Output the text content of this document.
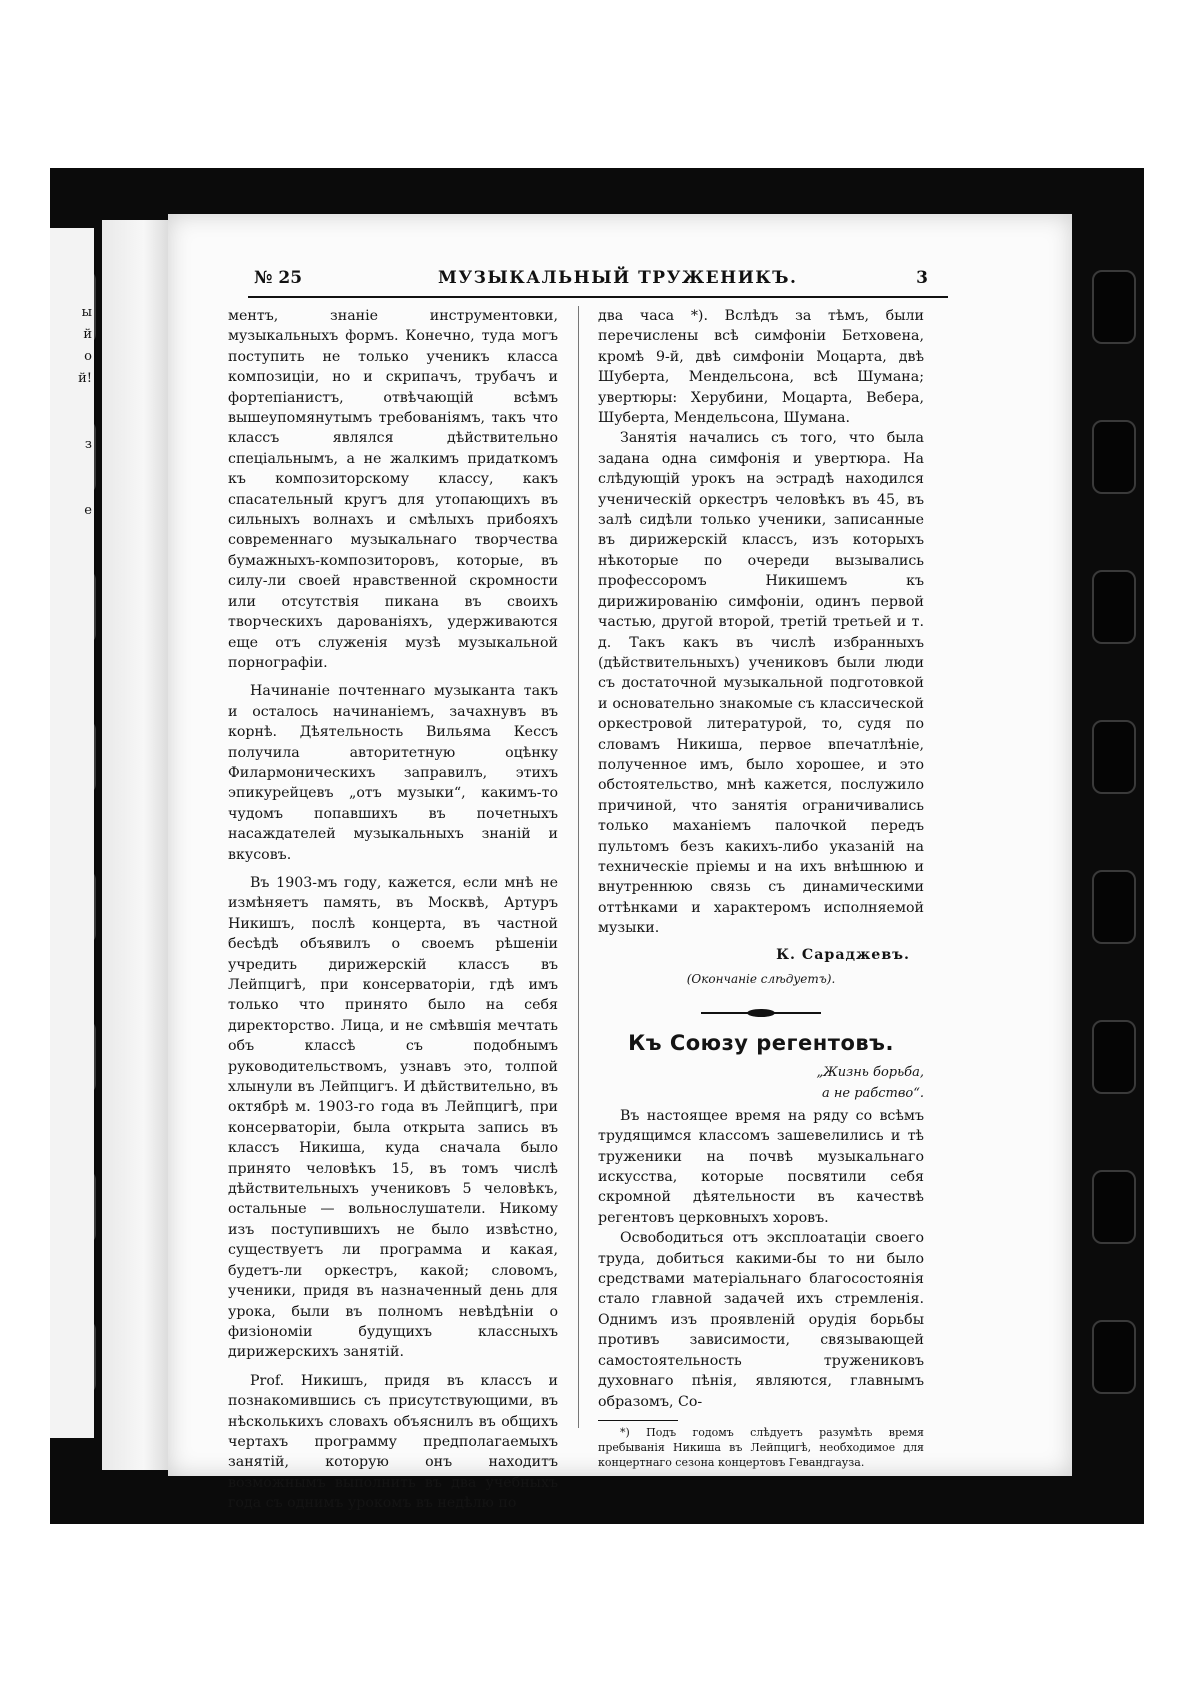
ы
й
о
й!
з
е
№ 25	МУЗЫКАЛЬНЫЙ ТРУЖЕНИКЪ.	3

ментъ, знаніе инструментовки, музыкальныхъ формъ. Конечно, туда могъ поступить не только ученикъ класса композиціи, но и скрипачъ, трубачъ и фортепіанистъ, отвѣчающій всѣмъ вышеупомянутымъ требованіямъ, такъ что классъ являлся дѣйствительно спеціальнымъ, а не жалкимъ придаткомъ къ композиторскому классу, какъ спасательный кругъ для утопающихъ въ сильныхъ волнахъ и смѣлыхъ прибояхъ современнаго музыкальнаго творчества бумажныхъ-композиторовъ, которые, въ силу-ли своей нравственной скромности или отсутствія пикана въ своихъ творческихъ дарованіяхъ, удерживаются еще отъ служенія музѣ музыкальной порнографіи.

Начинаніе почтеннаго музыканта такъ и осталось начинаніемъ, зачахнувъ въ корнѣ. Дѣятельность Вильяма Кессъ получила авторитетную оцѣнку Филармоническихъ заправилъ, этихъ эпикурейцевъ „отъ музыки“, какимъ-то чудомъ попавшихъ въ почетныхъ насаждателей музыкальныхъ знаній и вкусовъ.

Въ 1903-мъ году, кажется, если мнѣ не измѣняетъ память, въ Москвѣ, Артуръ Никишъ, послѣ концерта, въ частной бесѣдѣ объявилъ о своемъ рѣшеніи учредить дирижерскій классъ въ Лейпцигѣ, при консерваторіи, гдѣ имъ только что принято было на себя директорство. Лица, и не смѣвшія мечтать объ классѣ съ подобнымъ руководительствомъ, узнавъ это, толпой хлынули въ Лейпцигъ. И дѣйствительно, въ октябрѣ м. 1903-го года въ Лейпцигѣ, при консерваторіи, была открыта запись въ классъ Никиша, куда сначала было принято человѣкъ 15, въ томъ числѣ дѣйствительныхъ учениковъ 5 человѣкъ, остальные — вольнослушатели. Никому изъ поступившихъ не было извѣстно, существуетъ ли программа и какая, будетъ-ли оркестръ, какой; словомъ, ученики, придя въ назначенный день для урока, были въ полномъ невѣдѣніи о физіономіи будущихъ классныхъ дирижерскихъ занятій.

Prof. Никишъ, придя въ классъ и познакомившись съ присутствующими, въ нѣсколькихъ словахъ объяснилъ въ общихъ чертахъ программу предполагаемыхъ занятій, которую онъ находитъ возможнымъ выполнить въ два учебныхъ года съ однимъ урокомъ въ недѣлю по

два часа *). Вслѣдъ за тѣмъ, были перечислены всѣ симфоніи Бетховена, кромѣ 9-й, двѣ симфоніи Моцарта, двѣ Шуберта, Мендельсона, всѣ Шумана; увертюры: Херубини, Моцарта, Вебера, Шуберта, Мендельсона, Шумана.

Занятія начались съ того, что была задана одна симфонія и увертюра. На слѣдующій урокъ на эстрадѣ находился ученическій оркестръ человѣкъ въ 45, въ залѣ сидѣли только ученики, записанные въ дирижерскій классъ, изъ которыхъ нѣкоторые по очереди вызывались профессоромъ Никишемъ къ дирижированію симфоніи, одинъ первой частью, другой второй, третій третьей и т. д. Такъ какъ въ числѣ избранныхъ (дѣйствительныхъ) учениковъ были люди съ достаточной музыкальной подготовкой и основательно знакомые съ классической оркестровой литературой, то, судя по словамъ Никиша, первое впечатлѣніе, полученное имъ, было хорошее, и это обстоятельство, мнѣ кажется, послужило причиной, что занятія ограничивались только маханіемъ палочкой передъ пультомъ безъ какихъ-либо указаній на техническіе пріемы и на ихъ внѣшнюю и внутреннюю связь съ динамическими оттѣнками и характеромъ исполняемой музыки.

К. Сараджевъ.

(Окончаніе слѣдуетъ).

Къ Союзу регентовъ.

„Жизнь борьба,

а не рабство“.

Въ настоящее время на ряду со всѣмъ трудящимся классомъ зашевелились и тѣ труженики на почвѣ музыкальнаго искусства, которые посвятили себя скромной дѣятельности въ качествѣ регентовъ церковныхъ хоровъ.

Освободиться отъ эксплоатаціи своего труда, добиться какими-бы то ни было средствами матеріальнаго благосостоянія стало главной задачей ихъ стремленія. Однимъ изъ проявленій орудія борьбы противъ зависимости, связывающей самостоятельность тружениковъ духовнаго пѣнія, являются, главнымъ образомъ, Со-

*) Подъ годомъ слѣдуетъ разумѣть время пребыванія Никиша въ Лейпцигѣ, необходимое для концертнаго сезона концертовъ Гевандгауза.
